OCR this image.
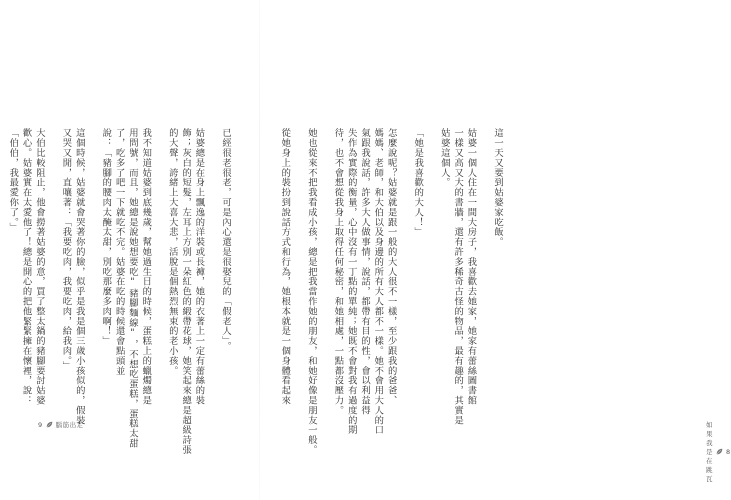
已經很老很老，可是內心還是很娶兒的「假老人」。

姑婆總是在身上飄逸的洋裝或長褲，她的衣著上一定有蕾絲的裝
飾；灰白的短髮，左耳上方別一朵紅色的緞帶花球，她笑起來總是超級詩張
的大聲，誇緒上大喜大悲，活脫是個熱烈無束的老小孩。

我不知道姑婆到底幾歲，幫她過生日的時候，蛋糕上的蠟燭總是
用問號，而且，她總是說她想要吃"豬腳麵線"，不想吃蛋糕，蛋糕太甜
了，吃多了吧一下就吃不完。姑婆在吃的時候還會點頭並
說：「豬腳的腰肉太醃太甜，別吃那麼多肉啊！」

這個時候，姑婆就會哭著你的臉，似乎是我是個三歲小孩似的，假裝
又哭又閒，直嚷著：「我要吃肉，我要吃肉，給我肉。」

大伯比較阻止，他會撈著姑婆的意，買了整太鍋的豬腳要討姑婆
歡心。姑婆實在太愛他了！總是開心的把他緊緊擁在懷裡，說：
「伯伯，我最愛你了。」
9 腦筋出走
這一天又要到姑婆家吃飯。

姑婆一個人住在一間大房子，我喜歡去她家，她家有蕾絲圖書館
一樣又高又大的書牆，還有許多稀奇古怪的物品，最有趣的，其實是
姑婆這個人。

「她是我喜歡的大人！」

怎麼說呢？姑婆就是跟一般的大人很不一樣，至少跟我的爸爸、
媽媽、老師，和大伯以及身邊的所有大人都不一樣。她不會用大人的口
氣跟我說話，許多大人做事情，說話，都帶有目的性，會以利益得
失作為實際的衡量，心中沒有一丁點的單純；她既不會對我有過度的期
待，也不會想從我身上取得任何秘密，和她相處，一點都沒壓力。

她也從來不把我看成小孩，總是把我當作她的朋友，和她好像是朋友一般。

從她身上的裝扮到說話方式和行為，她根本就是一個身體看起來
如果我是在跳瓦
8
